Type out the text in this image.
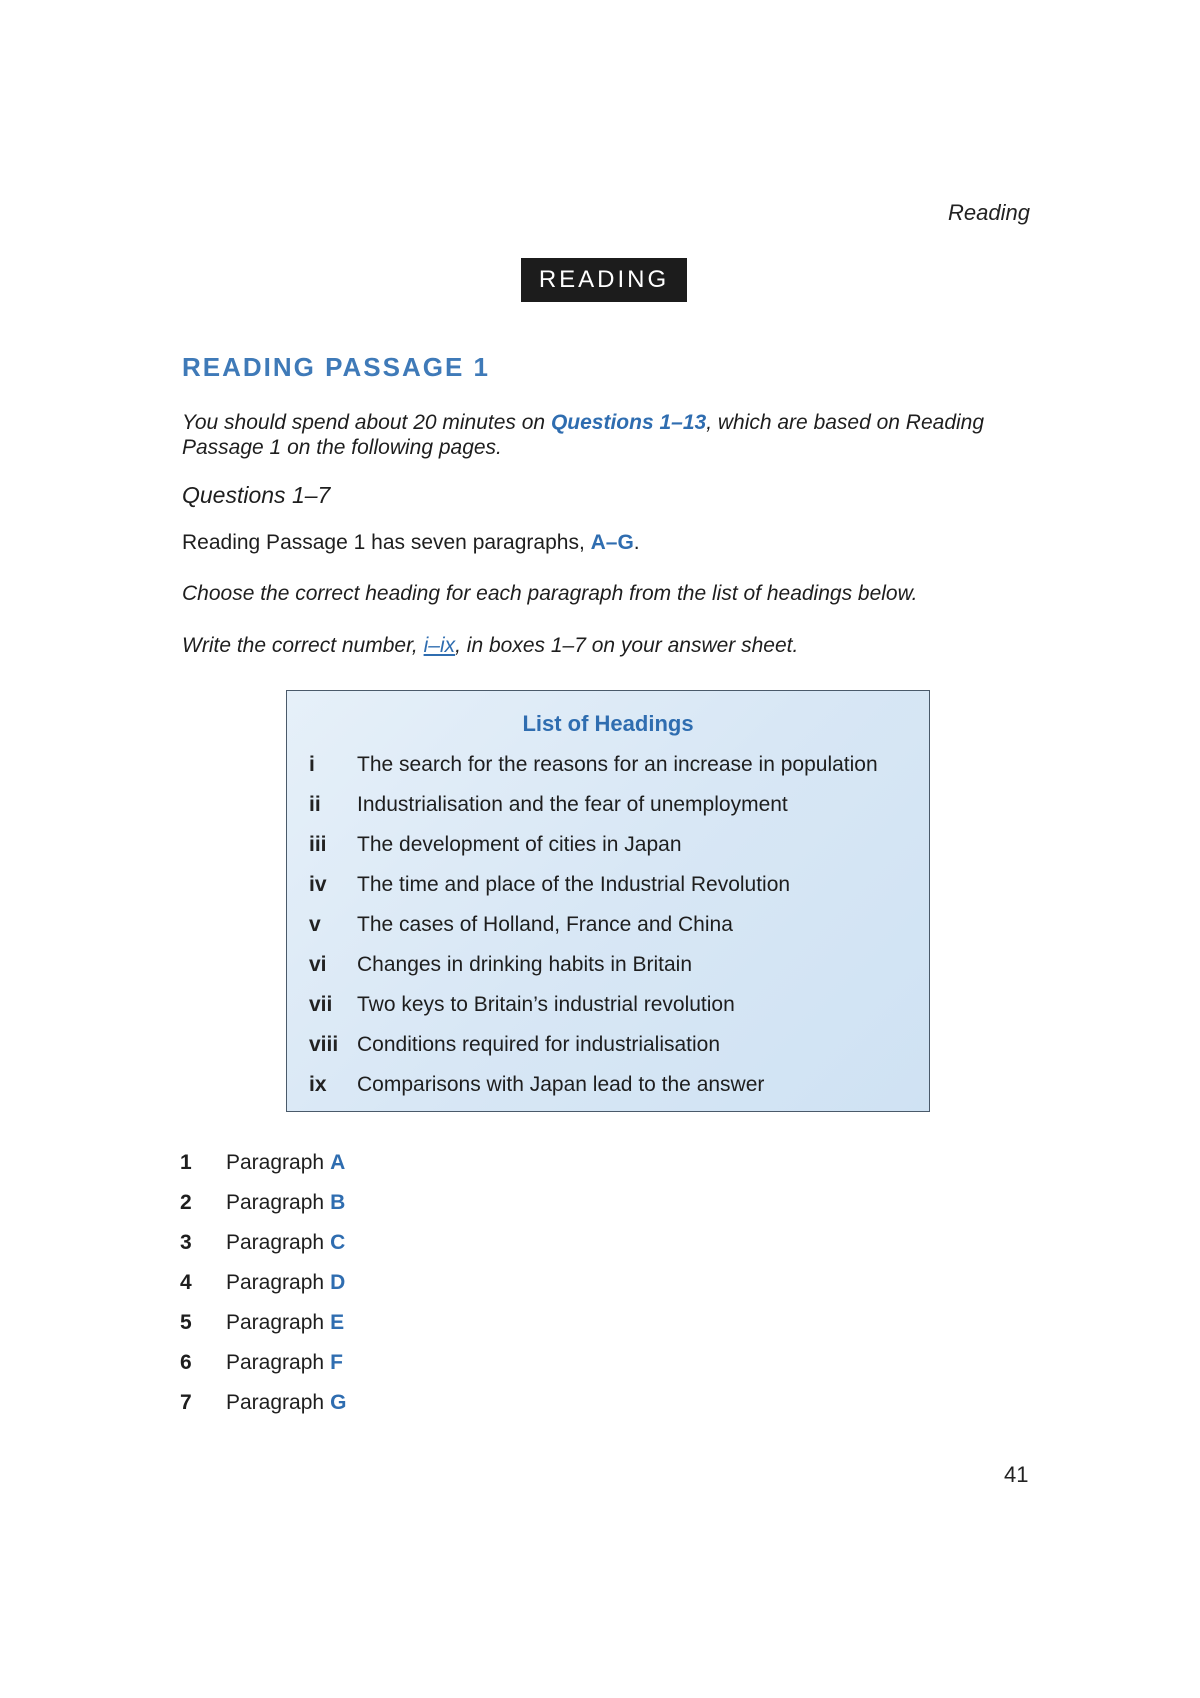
Reading
READING
READING PASSAGE 1
You should spend about 20 minutes on Questions 1–13, which are based on Reading Passage 1 on the following pages.
Questions 1–7
Reading Passage 1 has seven paragraphs, A–G.
Choose the correct heading for each paragraph from the list of headings below.
Write the correct number, i–ix, in boxes 1–7 on your answer sheet.
List of Headings
i	The search for the reasons for an increase in population
ii	Industrialisation and the fear of unemployment
iii	The development of cities in Japan
iv	The time and place of the Industrial Revolution
v	The cases of Holland, France and China
vi	Changes in drinking habits in Britain
vii	Two keys to Britain’s industrial revolution
viii Conditions required for industrialisation
ix	Comparisons with Japan lead to the answer
1	Paragraph A
2	Paragraph B
3	Paragraph C
4	Paragraph D
5	Paragraph E
6	Paragraph F
7	Paragraph G
41
